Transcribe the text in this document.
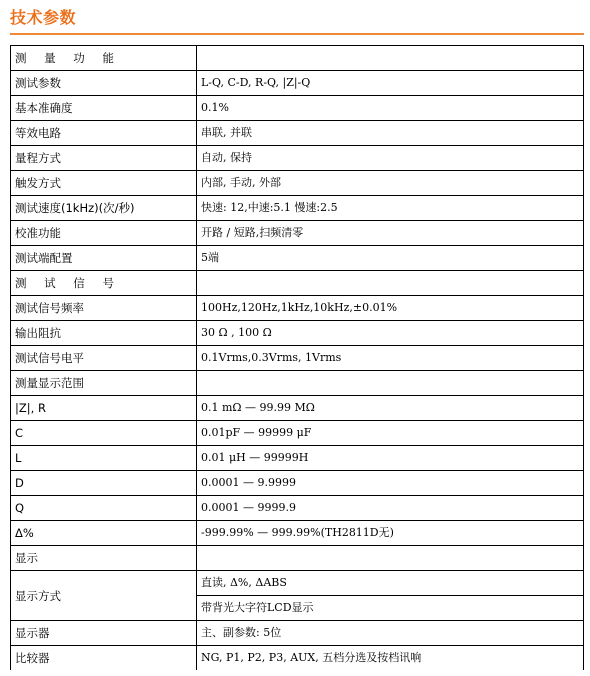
技术参数
测 量 功 能	
测试参数	L-Q, C-D, R-Q, |Z|-Q
基本准确度	0.1%
等效电路	串联, 并联
量程方式	自动, 保持
触发方式	内部, 手动, 外部
测试速度(1kHz)(次/秒)	快速: 12,中速:5.1 慢速:2.5
校准功能	开路 / 短路,扫频清零
测试端配置	5端
测 试 信 号	
测试信号频率	100Hz,120Hz,1kHz,10kHz,±0.01%
输出阻抗	30 Ω , 100 Ω
测试信号电平	0.1Vrms,0.3Vrms, 1Vrms
测量显示范围	
|Z|, R	0.1 mΩ — 99.99 MΩ
C	0.01pF — 99999 μF
L	0.01 μH — 99999H
D	0.0001 — 9.9999
Q	0.0001 — 9999.9
Δ%	-999.99% — 999.99%(TH2811D无)
显示	
显示方式	直读, Δ%, ΔABS
带背光大字符LCD显示

显示器	主、副参数: 5位
比较器	NG, P1, P2, P3, AUX, 五档分选及按档讯响
